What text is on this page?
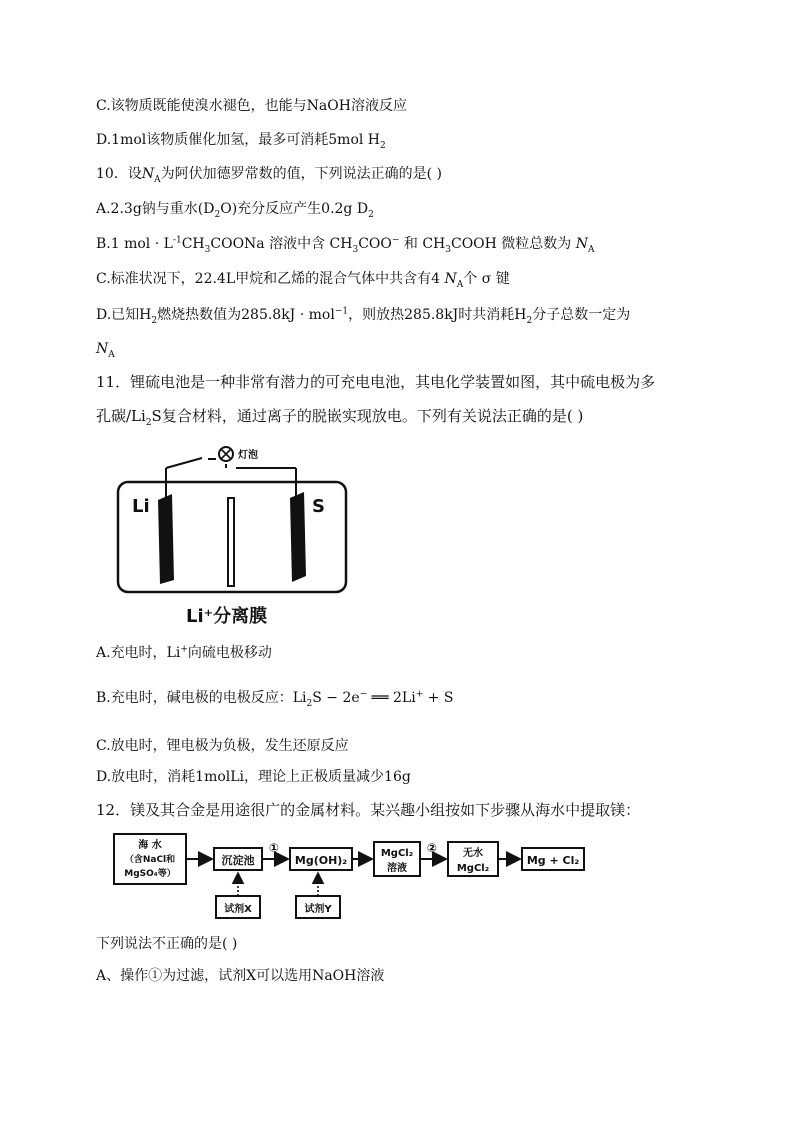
C.该物质既能使溴水褪色，也能与NaOH溶液反应
D.1mol该物质催化加氢，最多可消耗5mol $H_2$
10．设$N_A$为阿伏加德罗常数的值，下列说法正确的是( )
A.2.3g钠与重水$(D_2O)$充分反应产生0.2g $D_2$
B.1 mol · $L^{-1}CH_3COONa$ 溶液中含 $CH_3COO^-$ 和 $CH_3COOH$ 微粒总数为 $N_A$
C.标准状况下，22.4L甲烷和乙烯的混合气体中共含有4 $N_A$个 σ 键
D.已知$H_2$燃烧热数值为285.8kJ · mol$^{-1}$，则放热285.8kJ时共消耗$H_2$分子总数一定为
$N_A$
11．锂硫电池是一种非常有潜力的可充电电池，其电化学装置如图，其中硫电极为多
孔碳$/Li_2S$复合材料，通过离子的脱嵌实现放电。下列有关说法正确的是( )
灯泡
Li	S
Li⁺分离膜
A.充电时，Li+向硫电极移动
B.充电时，碱电极的电极反应：$Li_2S - 2e^-$ ══ 2Li+ + S
C.放电时，锂电极为负极，发生还原反应
D.放电时，消耗1molLi，理论上正极质量减少16g
12．镁及其合金是用途很广的金属材料。某兴趣小组按如下步骤从海水中提取镁：
海 水
（含NaCl和
MgSO₄等）
沉淀池
①
Mg(OH)₂
MgCl₂
溶液
②	无水
MgCl₂
Mg + Cl₂
试剂X	试剂Y
下列说法不正确的是( )
A、操作①为过滤，试剂X可以选用NaOH溶液
